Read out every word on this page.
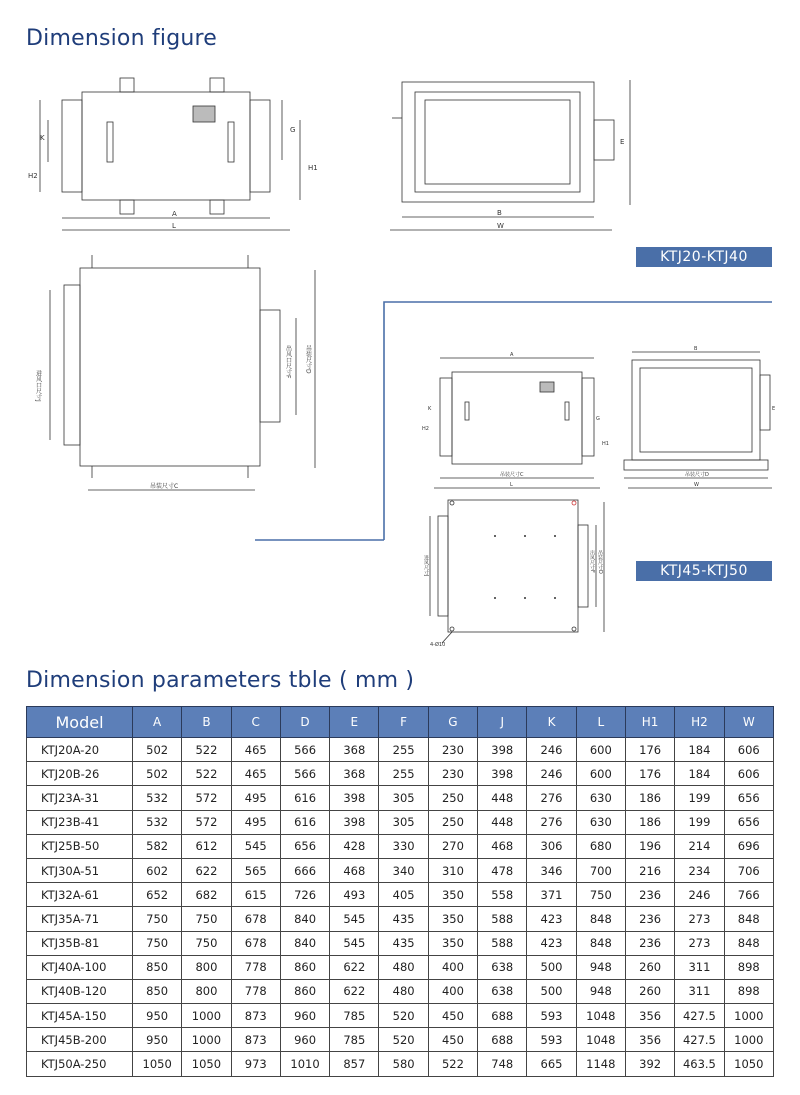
Dimension figure
A
L
K
H2
G
H1
B
W
E
进风口尺寸J
出风口尺寸F 吊装尺寸D
吊装尺寸C
A
吊装尺寸C
L
K
H2
G
H1
B
吊装尺寸D
W
E
进风尺寸J	出风尺寸F 吊装尺寸D
4-Ø10
KTJ20-KTJ40
KTJ45-KTJ50
Dimension parameters tble ( mm )
Model	A	B	C	D	E	F	G	J	K	L	H1	H2	W
KTJ20A-20	502	522	465	566	368	255	230	398	246	600	176	184	606
KTJ20B-26	502	522	465	566	368	255	230	398	246	600	176	184	606
KTJ23A-31	532	572	495	616	398	305	250	448	276	630	186	199	656
KTJ23B-41	532	572	495	616	398	305	250	448	276	630	186	199	656
KTJ25B-50	582	612	545	656	428	330	270	468	306	680	196	214	696
KTJ30A-51	602	622	565	666	468	340	310	478	346	700	216	234	706
KTJ32A-61	652	682	615	726	493	405	350	558	371	750	236	246	766
KTJ35A-71	750	750	678	840	545	435	350	588	423	848	236	273	848
KTJ35B-81	750	750	678	840	545	435	350	588	423	848	236	273	848
KTJ40A-100	850	800	778	860	622	480	400	638	500	948	260	311	898
KTJ40B-120	850	800	778	860	622	480	400	638	500	948	260	311	898
KTJ45A-150	950	1000	873	960	785	520	450	688	593	1048	356	427.5	1000
KTJ45B-200	950	1000	873	960	785	520	450	688	593	1048	356	427.5	1000
KTJ50A-250	1050	1050	973	1010	857	580	522	748	665	1148	392	463.5	1050
